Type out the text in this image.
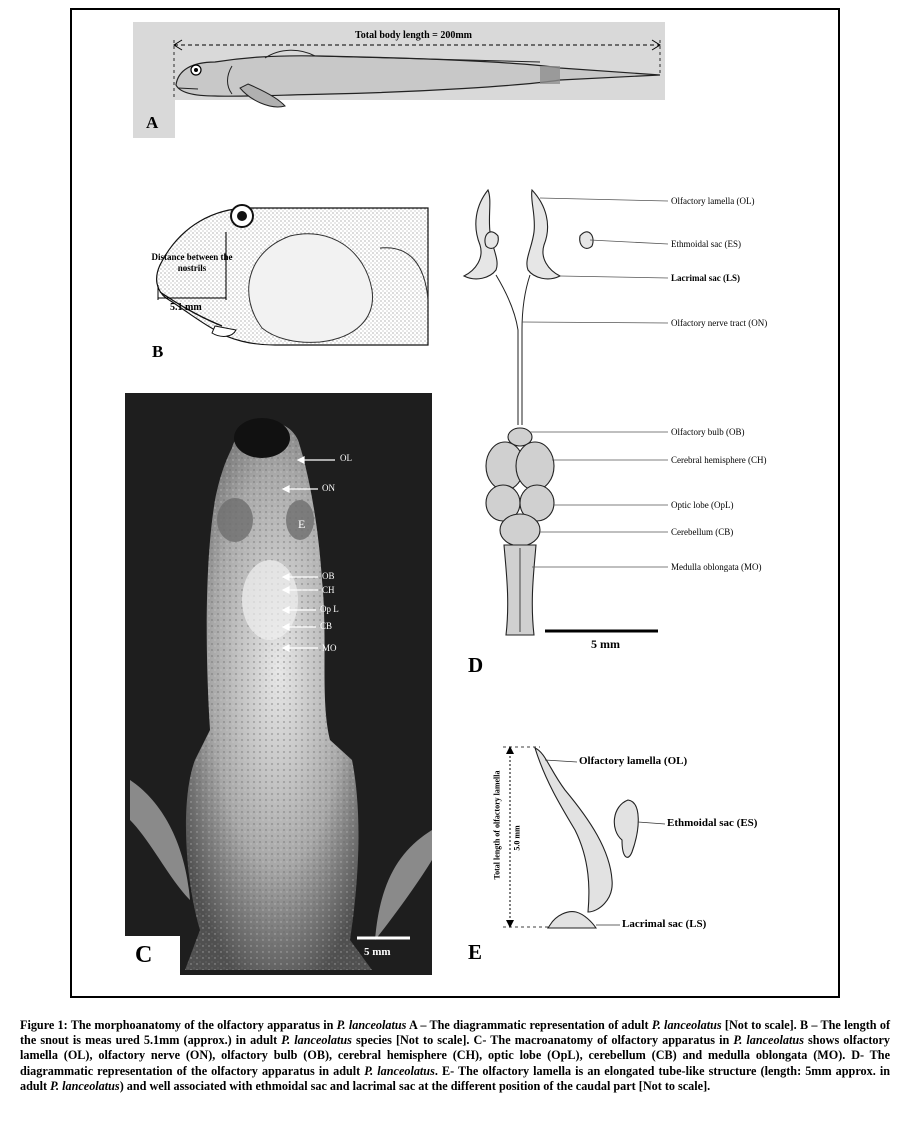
Total body length = 200mm
A
Distance between the nostrils
5.1 mm
B
OL
ON
E
OB
CH
Op L
CB
MO
5 mm
C
Olfactory lamella (OL)
Ethmoidal sac (ES)
Lacrimal sac (LS)
Olfactory nerve tract (ON)
Olfactory bulb (OB)
Cerebral hemisphere (CH)
Optic lobe (OpL)
Cerebellum (CB)
Medulla oblongata (MO)
5 mm
D
Total length of olfactory lamella 5.0 mm
Olfactory lamella (OL)
Ethmoidal sac (ES)
Lacrimal sac (LS)
E
Figure 1: The morphoanatomy of the olfactory apparatus in P. lanceolatus A – The diagrammatic representation of adult P. lanceolatus [Not to scale]. B – The length of the snout is meas ured 5.1mm (approx.) in adult P. lanceolatus species [Not to scale]. C- The macroanatomy of olfactory apparatus in P. lanceolatus shows olfactory lamella (OL), olfactory nerve (ON), olfactory bulb (OB), cerebral hemisphere (CH), optic lobe (OpL), cerebellum (CB) and medulla oblongata (MO). D- The diagrammatic representation of the olfactory apparatus in adult P. lanceolatus. E- The olfactory lamella is an elongated tube-like structure (length: 5mm approx. in adult P. lanceolatus) and well associated with ethmoidal sac and lacrimal sac at the different position of the caudal part [Not to scale].
